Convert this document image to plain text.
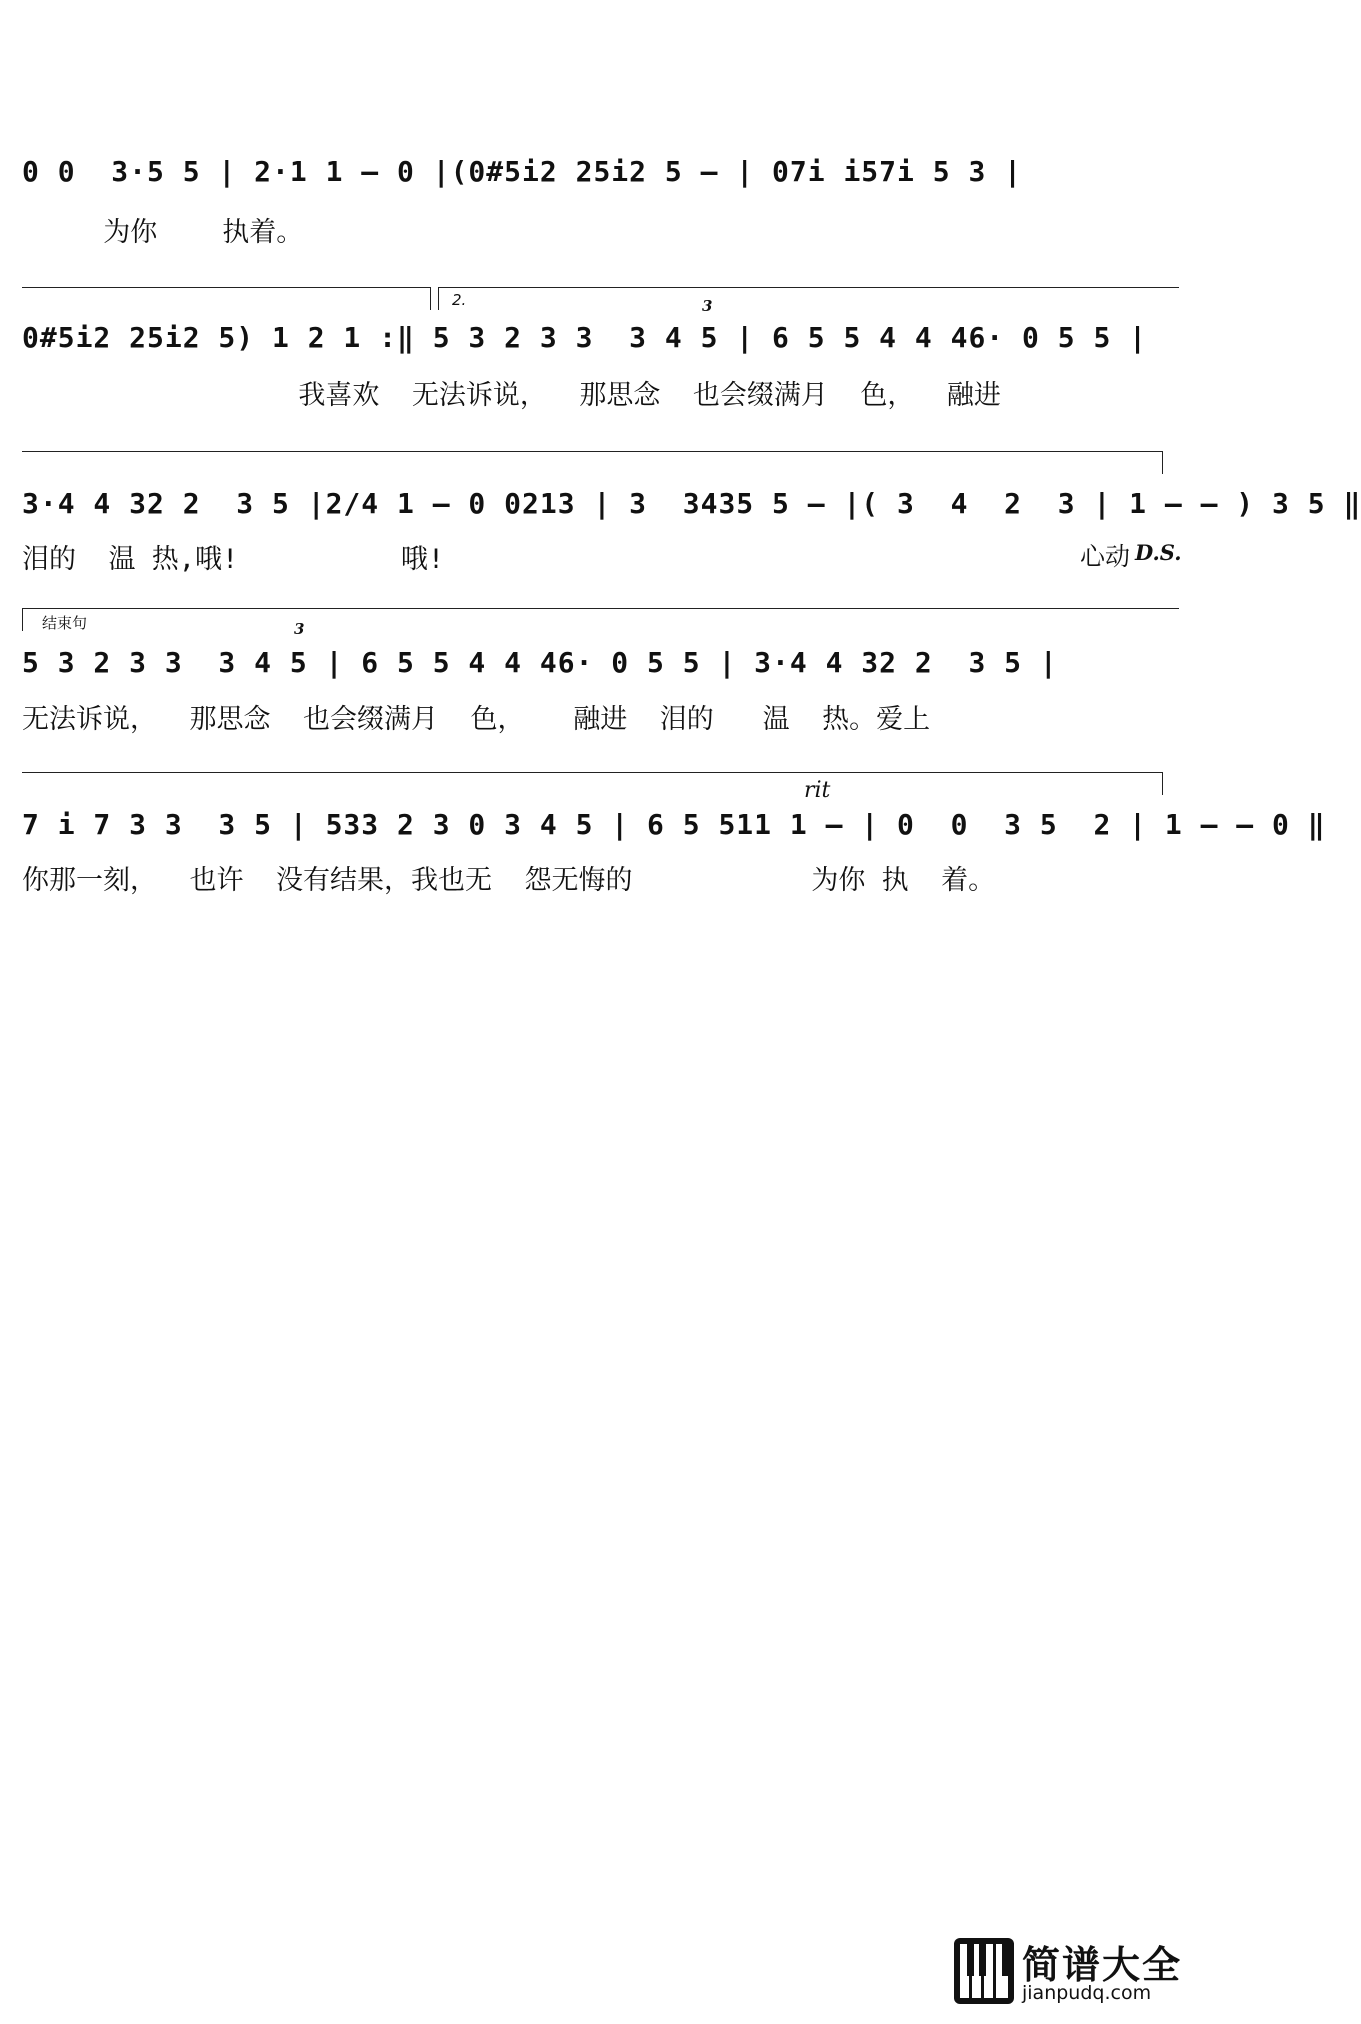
0 0  3·5 5 | 2·1 1 – 0 |(0#5i2 25i2 5 – | 07i i57i 5 3 |
为你    执着。
2.	3
0#5i2 25i2 5) 1 2 1 :‖ 5 3 2 3 3  3 4 5 | 6 5 5 4 4 46· 0 5 5 |
我喜欢  无法诉说，  那思念  也会缀满月  色，  融进
3·4 4 32 2  3 5 |2/4 1 – 0 0213 | 3  3435 5 – |( 3  4  2  3 | 1 – – ) 3 5 ‖
泪的  温 热,哦!          哦!	心动 D.S.
结束句	3
5 3 2 3 3  3 4 5 | 6 5 5 4 4 46· 0 5 5 | 3·4 4 32 2  3 5 |
无法诉说，  那思念  也会缀满月  色，   融进  泪的   温  热。爱上
rit
7 i 7 3 3  3 5 | 533 2 3 0 3 4 5 | 6 5 511 1 – | 0  0  3 5  2 | 1 – – 0 ‖
你那一刻，  也许  没有结果，我也无  怨无悔的           为你 执  着。
简谱大全
jianpudq.com
